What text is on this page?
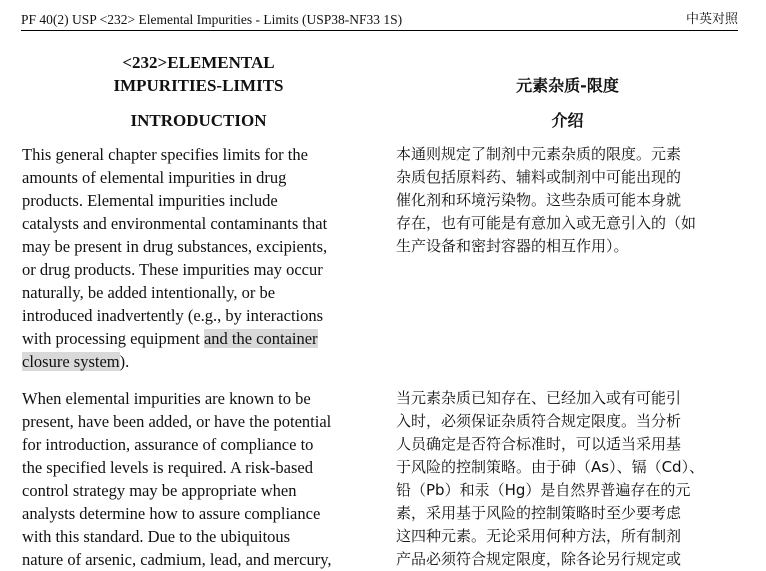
PF 40(2) USP <232> Elemental Impurities - Limits (USP38-NF33 1S)	中英对照
<232>ELEMENTAL
IMPURITIES-LIMITS
INTRODUCTION
元素杂质-限度
介绍
This general chapter specifies limits for the
amounts of elemental impurities in drug
products. Elemental impurities include
catalysts and environmental contaminants that
may be present in drug substances, excipients,
or drug products. These impurities may occur
naturally, be added intentionally, or be
introduced inadvertently (e.g., by interactions
with processing equipment and the container
closure system).
When elemental impurities are known to be
present, have been added, or have the potential
for introduction, assurance of compliance to
the specified levels is required. A risk-based
control strategy may be appropriate when
analysts determine how to assure compliance
with this standard. Due to the ubiquitous
nature of arsenic, cadmium, lead, and mercury,
本通则规定了制剂中元素杂质的限度。元素
杂质包括原料药、辅料或制剂中可能出现的
催化剂和环境污染物。这些杂质可能本身就
存在，也有可能是有意加入或无意引入的（如
生产设备和密封容器的相互作用）。
当元素杂质已知存在、已经加入或有可能引
入时，必须保证杂质符合规定限度。当分析
人员确定是否符合标准时，可以适当采用基
于风险的控制策略。由于砷（As）、镉（Cd）、
铅（Pb）和汞（Hg）是自然界普遍存在的元
素，采用基于风险的控制策略时至少要考虑
这四种元素。无论采用何种方法，所有制剂
产品必须符合规定限度，除各论另行规定或
